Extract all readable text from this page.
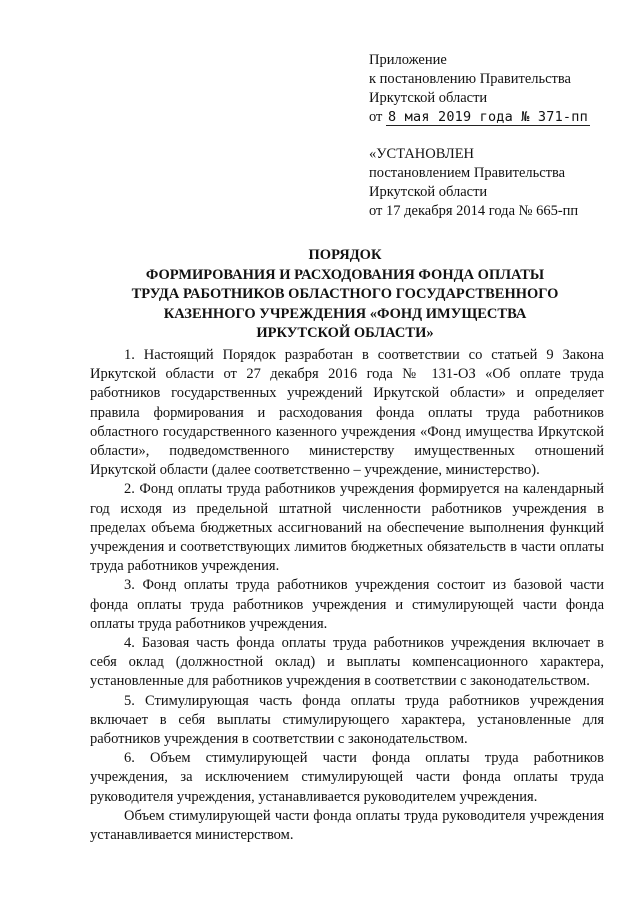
Приложение
к постановлению Правительства
Иркутской области
от 8 мая 2019 года № 371-пп
«УСТАНОВЛЕН
постановлением Правительства
Иркутской области
от 17 декабря 2014 года № 665-пп
ПОРЯДОК
ФОРМИРОВАНИЯ И РАСХОДОВАНИЯ ФОНДА ОПЛАТЫ
ТРУДА РАБОТНИКОВ ОБЛАСТНОГО ГОСУДАРСТВЕННОГО
КАЗЕННОГО УЧРЕЖДЕНИЯ «ФОНД ИМУЩЕСТВА
ИРКУТСКОЙ ОБЛАСТИ»

1. Настоящий Порядок разработан в соответствии со статьей 9 Закона Иркутской области от 27 декабря 2016 года № 131-ОЗ «Об оплате труда работников государственных учреждений Иркутской области» и определяет правила формирования и расходования фонда оплаты труда работников областного государственного казенного учреждения «Фонд имущества Иркутской области», подведомственного министерству имущественных отношений Иркутской области (далее соответственно – учреждение, министерство).

2. Фонд оплаты труда работников учреждения формируется на календарный год исходя из предельной штатной численности работников учреждения в пределах объема бюджетных ассигнований на обеспечение выполнения функций учреждения и соответствующих лимитов бюджетных обязательств в части оплаты труда работников учреждения.

3. Фонд оплаты труда работников учреждения состоит из базовой части фонда оплаты труда работников учреждения и стимулирующей части фонда оплаты труда работников учреждения.

4. Базовая часть фонда оплаты труда работников учреждения включает в себя оклад (должностной оклад) и выплаты компенсационного характера, установленные для работников учреждения в соответствии с законодательством.

5. Стимулирующая часть фонда оплаты труда работников учреждения включает в себя выплаты стимулирующего характера, установленные для работников учреждения в соответствии с законодательством.

6. Объем стимулирующей части фонда оплаты труда работников учреждения, за исключением стимулирующей части фонда оплаты труда руководителя учреждения, устанавливается руководителем учреждения.

Объем стимулирующей части фонда оплаты труда руководителя учреждения устанавливается министерством.
